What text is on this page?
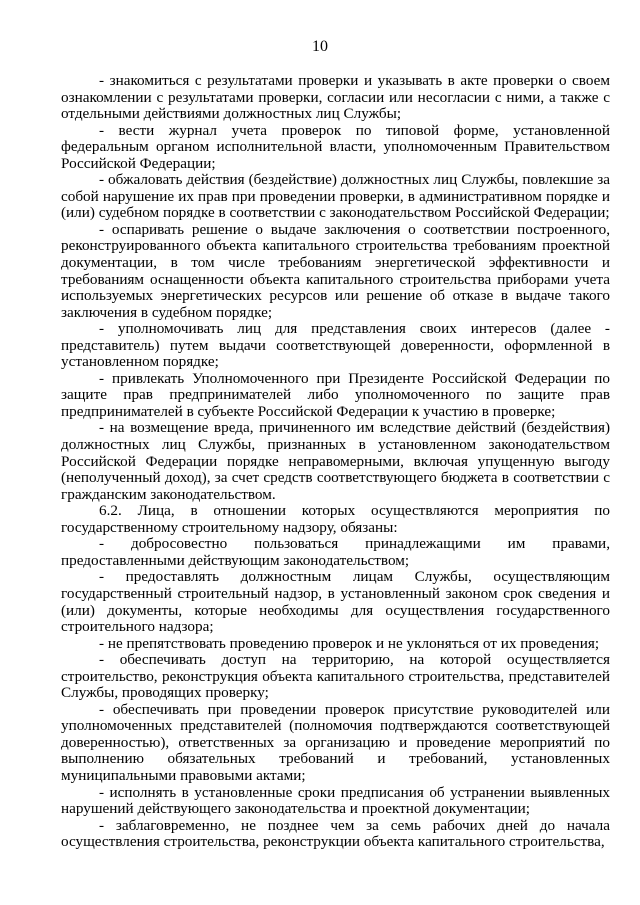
10

- знакомиться с результатами проверки и указывать в акте проверки о своем ознакомлении с результатами проверки, согласии или несогласии с ними, а также с отдельными действиями должностных лиц Службы;

- вести журнал учета проверок по типовой форме, установленной федеральным органом исполнительной власти, уполномоченным Правительством Российской Федерации;

- обжаловать действия (бездействие) должностных лиц Службы, повлекшие за собой нарушение их прав при проведении проверки, в административном порядке и (или) судебном порядке в соответствии с законодательством Российской Федерации;

- оспаривать решение о выдаче заключения о соответствии построенного, реконструированного объекта капитального строительства требованиям проектной документации, в том числе требованиям энергетической эффективности и требованиям оснащенности объекта капитального строительства приборами учета используемых энергетических ресурсов или решение об отказе в выдаче такого заключения в судебном порядке;

- уполномочивать лиц для представления своих интересов (далее - представитель) путем выдачи соответствующей доверенности, оформленной в установленном порядке;

- привлекать Уполномоченного при Президенте Российской Федерации по защите прав предпринимателей либо уполномоченного по защите прав предпринимателей в субъекте Российской Федерации к участию в проверке;

- на возмещение вреда, причиненного им вследствие действий (бездействия) должностных лиц Службы, признанных в установленном законодательством Российской Федерации порядке неправомерными, включая упущенную выгоду (неполученный доход), за счет средств соответствующего бюджета в соответствии с гражданским законодательством.

6.2. Лица, в отношении которых осуществляются мероприятия по государственному строительному надзору, обязаны:

- добросовестно пользоваться принадлежащими им правами, предоставленными действующим законодательством;

- предоставлять должностным лицам Службы, осуществляющим государственный строительный надзор, в установленный законом срок сведения и (или) документы, которые необходимы для осуществления государственного строительного надзора;

- не препятствовать проведению проверок и не уклоняться от их проведения;

- обеспечивать доступ на территорию, на которой осуществляется строительство, реконструкция объекта капитального строительства, представителей Службы, проводящих проверку;

- обеспечивать при проведении проверок присутствие руководителей или уполномоченных представителей (полномочия подтверждаются соответствующей доверенностью), ответственных за организацию и проведение мероприятий по выполнению обязательных требований и требований, установленных муниципальными правовыми актами;

- исполнять в установленные сроки предписания об устранении выявленных нарушений действующего законодательства и проектной документации;

- заблаговременно, не позднее чем за семь рабочих дней до начала осуществления строительства, реконструкции объекта капитального строительства,
